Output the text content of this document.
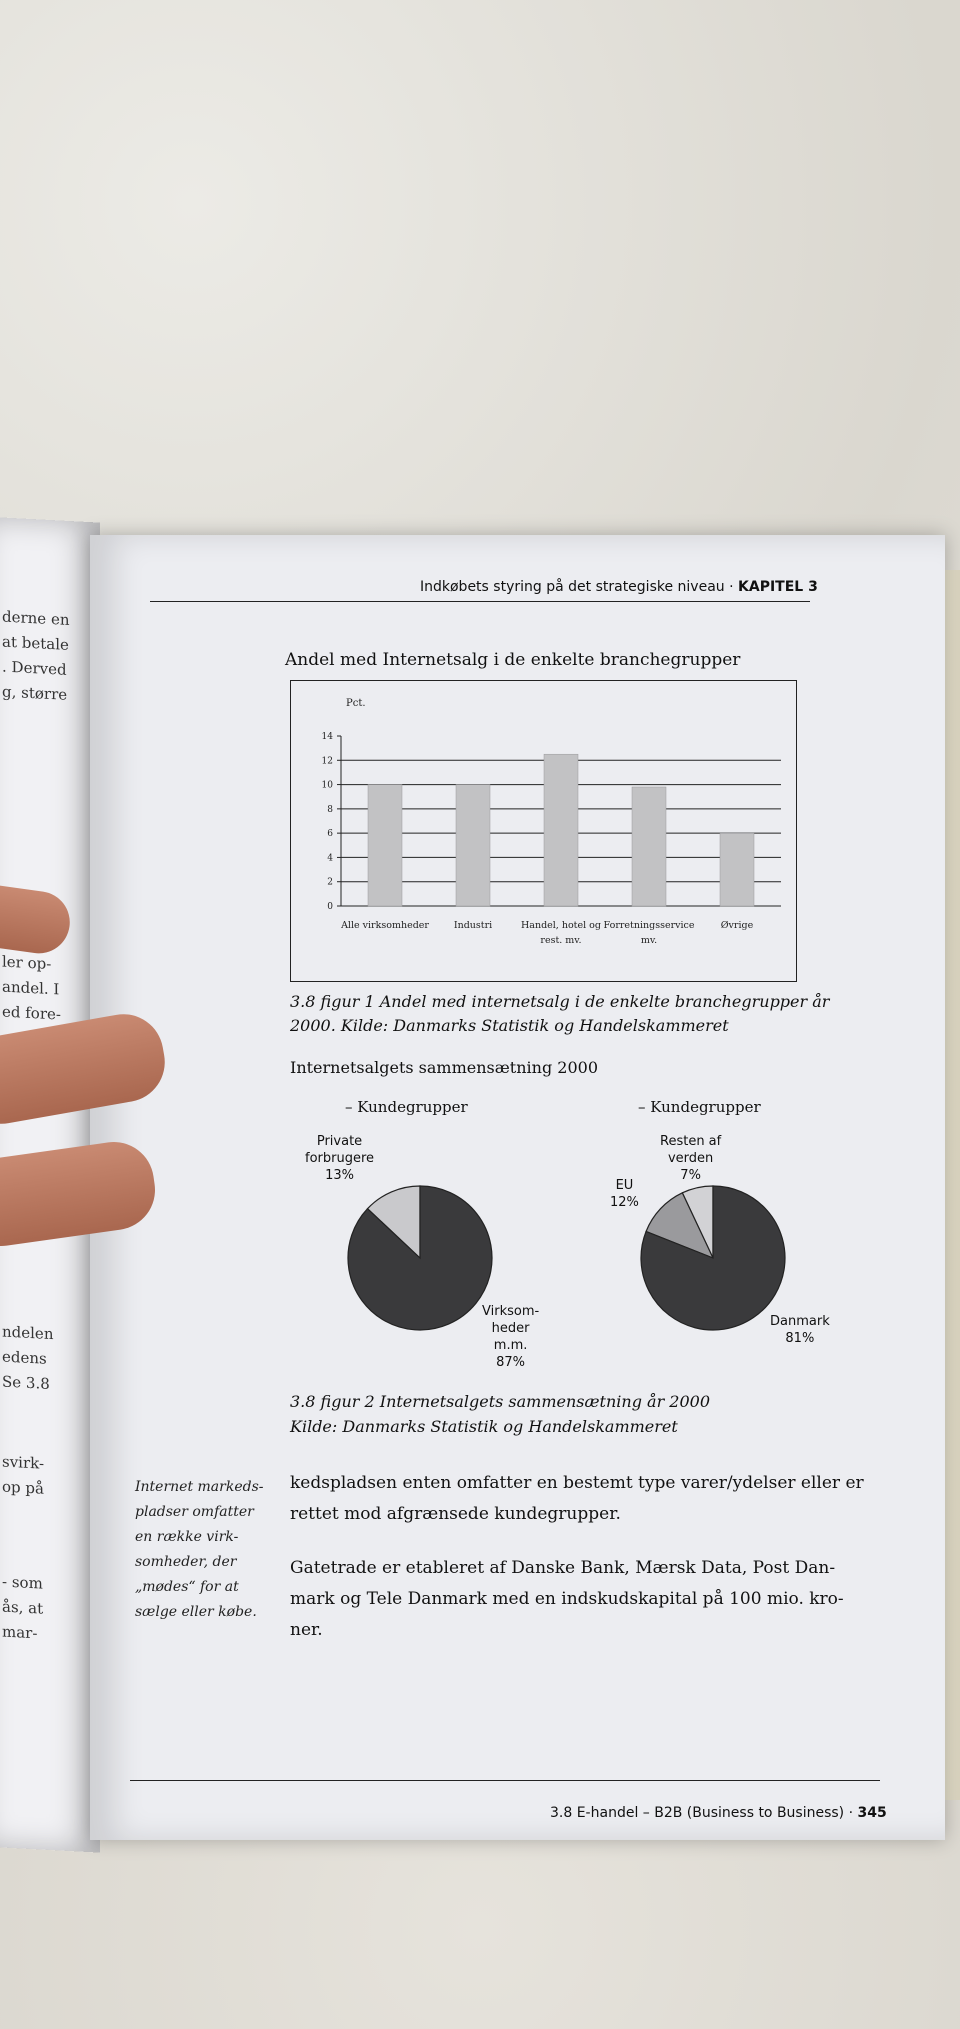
derne en
at betale
. Derved
g, større
ler op-
andel. I
ed fore-
ndelen
edens
Se 3.8
svirk-
op på
- som
ås, at
mar-
Indkøbets styring på det strategiske niveau · KAPITEL 3
Andel med Internetsalg i de enkelte branchegrupper
Pct.
0
2
4
6
8
10
12
14
Alle virksomheder	Industri	Handel, hotel og
rest. mv.
Forretningsservice
mv.
Øvrige
3.8 figur 1 Andel med internetsalg i de enkelte branchegrupper år
2000. Kilde: Danmarks Statistik og Handelskammeret
Internetsalgets sammensætning 2000
– Kundegrupper	– Kundegrupper
Private
forbrugere
13%
Virksom-
heder
m.m.
87%
Resten af
verden
7%
EU
12%
Danmark
81%
3.8 figur 2 Internetsalgets sammensætning år 2000
Kilde: Danmarks Statistik og Handelskammeret
Internet markeds-
pladser omfatter
en række virk-
somheder, der
„mødes“ for at
sælge eller købe.
kedspladsen enten omfatter en bestemt type varer/ydelser eller er
rettet mod afgrænsede kundegrupper.
Gatetrade er etableret af Danske Bank, Mærsk Data, Post Dan-
mark og Tele Danmark med en indskudskapital på 100 mio. kro-
ner.
3.8 E-handel – B2B (Business to Business) · 345
